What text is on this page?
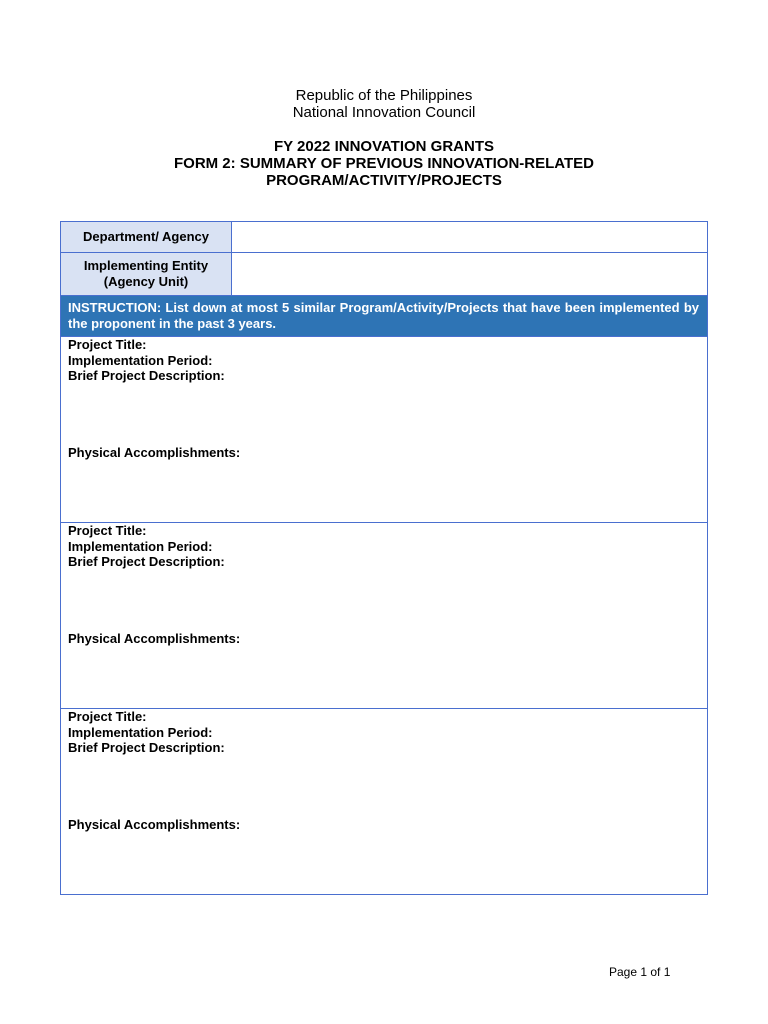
Republic of the Philippines
National Innovation Council
FY 2022 INNOVATION GRANTS
FORM 2: SUMMARY OF PREVIOUS INNOVATION-RELATED
PROGRAM/ACTIVITY/PROJECTS
Department/ Agency	
Implementing Entity
(Agency Unit)	
INSTRUCTION: List down at most 5 similar Program/Activity/Projects that have been implemented by the proponent in the past 3 years.	

Project Title:
Implementation Period:
Brief Project Description:
Physical Accomplishments:	

Project Title:
Implementation Period:
Brief Project Description:
Physical Accomplishments:	

Project Title:
Implementation Period:
Brief Project Description:
Physical Accomplishments:	
Page 1 of 1
